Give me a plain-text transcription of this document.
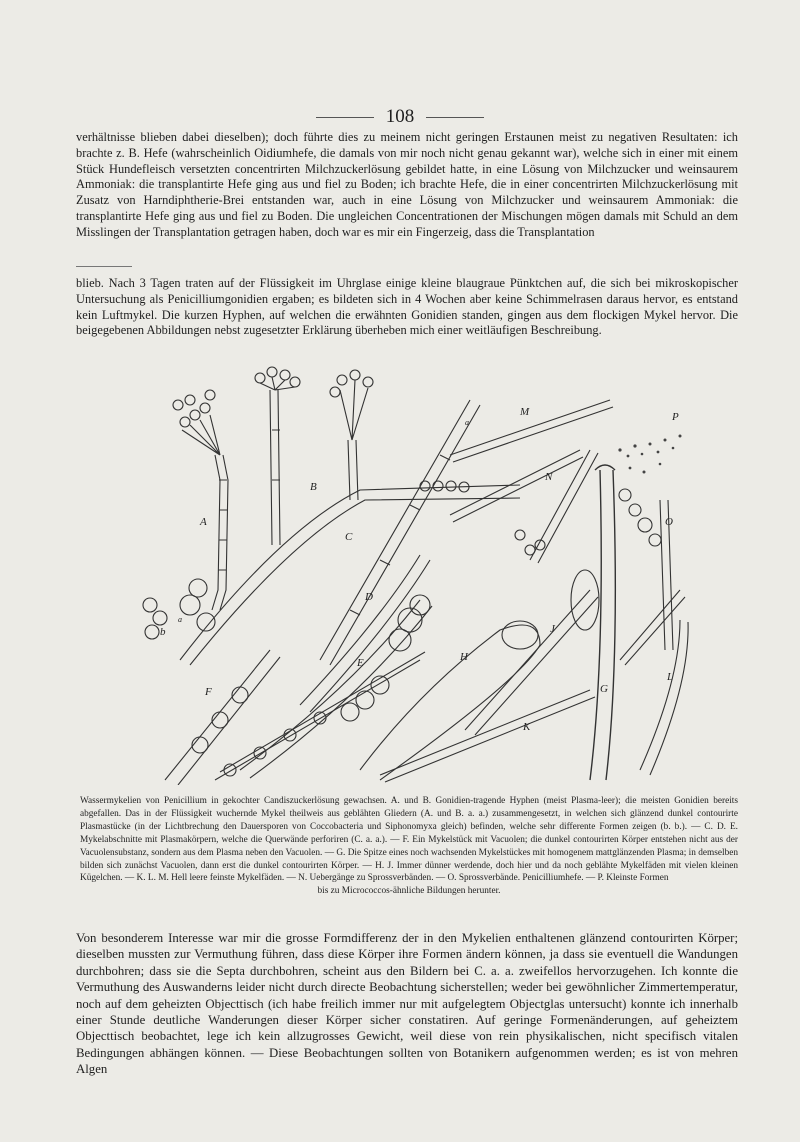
108
verhältnisse blieben dabei dieselben); doch führte dies zu meinem nicht geringen Erstaunen meist zu negativen Resultaten: ich brachte z. B. Hefe (wahrscheinlich Oidiumhefe, die damals von mir noch nicht genau gekannt war), welche sich in einer mit einem Stück Hundefleisch versetzten concentrirten Milchzuckerlösung gebildet hatte, in eine Lösung von Milchzucker und weinsaurem Ammoniak: die transplantirte Hefe ging aus und fiel zu Boden; ich brachte Hefe, die in einer concentrirten Milchzuckerlösung mit Zusatz von Harndiphtherie-Brei entstanden war, auch in eine Lösung von Milchzucker und weinsaurem Ammoniak: die transplantirte Hefe ging aus und fiel zu Boden. Die ungleichen Concentrationen der Mischungen mögen damals mit Schuld an dem Misslingen der Transplantation getragen haben, doch war es mir ein Fingerzeig, dass die Transplantation
blieb. Nach 3 Tagen traten auf der Flüssigkeit im Uhrglase einige kleine blaugraue Pünktchen auf, die sich bei mikroskopischer Untersuchung als Penicilliumgonidien ergaben; es bildeten sich in 4 Wochen aber keine Schimmelrasen daraus hervor, es entstand kein Luftmykel. Die kurzen Hyphen, auf welchen die erwähnten Gonidien standen, gingen aus dem flockigen Mykel hervor. Die beigegebenen Abbildungen nebst zugesetzter Erklärung überheben mich einer weitläufigen Beschreibung.
A
B
C
D
E
F	G
H
J
K
L
M
N
O
P
b
a
a
Wassermykelien von Penicillium in gekochter Candiszuckerlösung gewachsen. A. und B. Gonidien-tragende Hyphen (meist Plasma-leer); die meisten Gonidien bereits abgefallen. Das in der Flüssigkeit wuchernde Mykel theilweis aus geblähten Gliedern (A. und B. a. a.) zusammengesetzt, in welchen sich glänzend dunkel contourirte Plasmastücke (in der Lichtbrechung den Dauersporen von Coccobacteria und Siphonomyxa gleich) befinden, welche sehr differente Formen zeigen (b. b.). — C. D. E. Mykelabschnitte mit Plasmakörpern, welche die Querwände perforiren (C. a. a.). — F. Ein Mykelstück mit Vacuolen; die dunkel contourirten Körper entstehen nicht aus der Vacuolensubstanz, sondern aus dem Plasma neben den Vacuolen. — G. Die Spitze eines noch wachsenden Mykelstückes mit homogenem mattglänzenden Plasma; in demselben bilden sich zunächst Vacuolen, dann erst die dunkel contourirten Körper. — H. J. Immer dünner werdende, doch hier und da noch geblähte Mykelfäden mit vielen kleinen Kügelchen. — K. L. M. Hell leere feinste Mykelfäden. — N. Uebergänge zu Sprossverbänden. — O. Sprossverbände. Penicilliumhefe. — P. Kleinste Formen
bis zu Micrococcos-ähnliche Bildungen herunter.
Von besonderem Interesse war mir die grosse Formdifferenz der in den Mykelien enthaltenen glänzend contourirten Körper; dieselben mussten zur Vermuthung führen, dass diese Körper ihre Formen ändern können, ja dass sie eventuell die Wandungen durchbohren; dass sie die Septa durchbohren, scheint aus den Bildern bei C. a. a. zweifellos hervorzugehen. Ich konnte die Vermuthung des Auswanderns leider nicht durch directe Beobachtung sicherstellen; weder bei gewöhnlicher Zimmertemperatur, noch auf dem geheizten Objecttisch (ich habe freilich immer nur mit aufgelegtem Objectglas untersucht) konnte ich innerhalb einer Stunde deutliche Wanderungen dieser Körper sicher constatiren. Auf geringe Formenänderungen, auf geheiztem Objecttisch beobachtet, lege ich kein allzugrosses Gewicht, weil diese von rein physikalischen, nicht specifisch vitalen Bedingungen abhängen können. — Diese Beobachtungen sollten von Botanikern aufgenommen werden; es ist von mehren Algen
